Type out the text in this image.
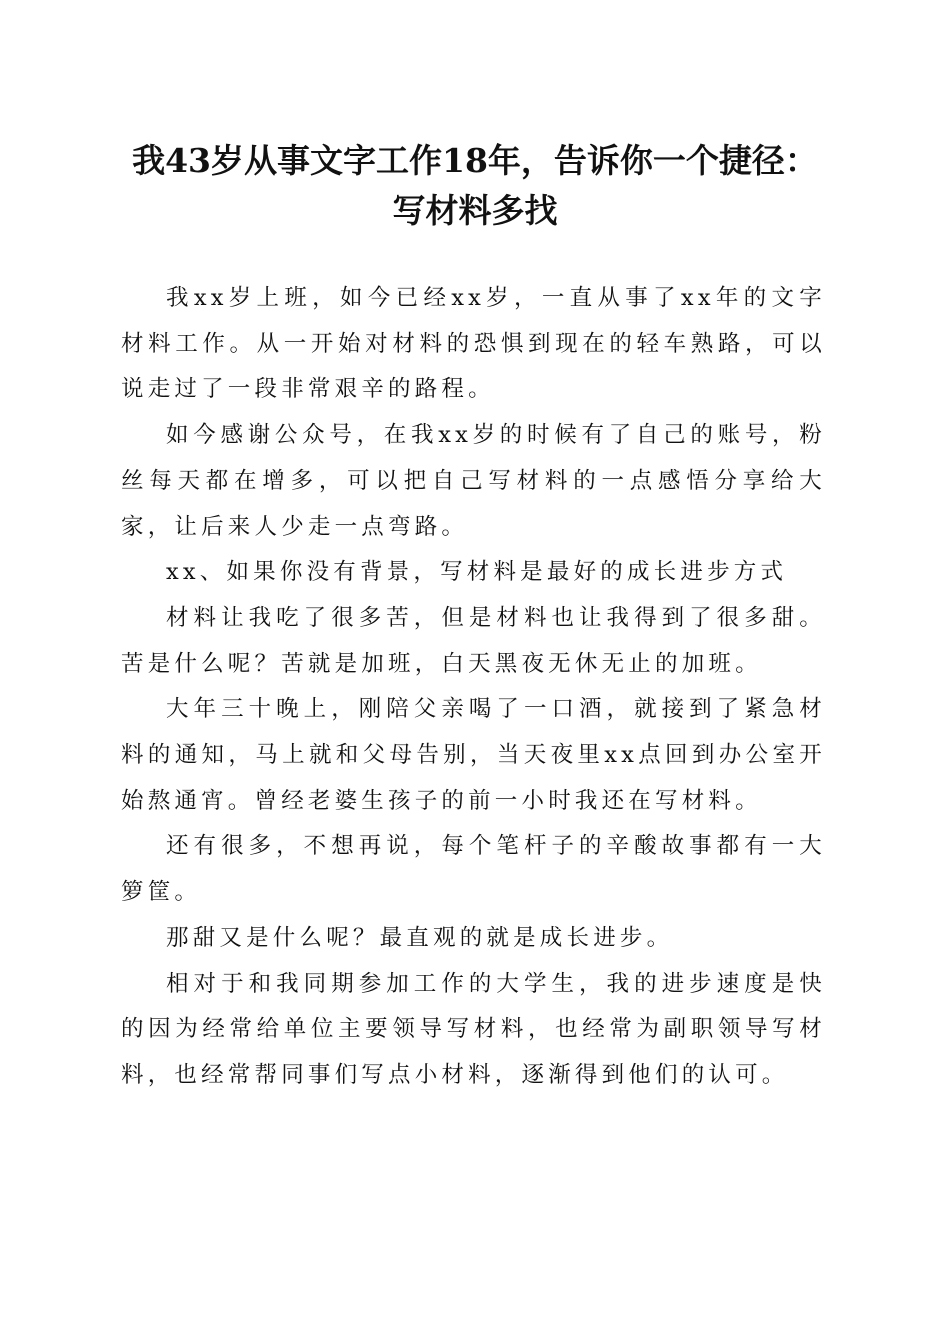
我43岁从事文字工作18年，告诉你一个捷径：
写材料多找

我xx岁上班，如今已经xx岁，一直从事了xx年的文字材料工作。从一开始对材料的恐惧到现在的轻车熟路，可以说走过了一段非常艰辛的路程。

如今感谢公众号，在我xx岁的时候有了自己的账号，粉丝每天都在增多，可以把自己写材料的一点感悟分享给大家，让后来人少走一点弯路。

xx、如果你没有背景，写材料是最好的成长进步方式

材料让我吃了很多苦，但是材料也让我得到了很多甜。苦是什么呢？苦就是加班，白天黑夜无休无止的加班。

大年三十晚上，刚陪父亲喝了一口酒，就接到了紧急材料的通知，马上就和父母告别，当天夜里xx点回到办公室开始熬通宵。曾经老婆生孩子的前一小时我还在写材料。

还有很多，不想再说，每个笔杆子的辛酸故事都有一大箩筐。

那甜又是什么呢？最直观的就是成长进步。

相对于和我同期参加工作的大学生，我的进步速度是快的因为经常给单位主要领导写材料，也经常为副职领导写材料，也经常帮同事们写点小材料，逐渐得到他们的认可。
